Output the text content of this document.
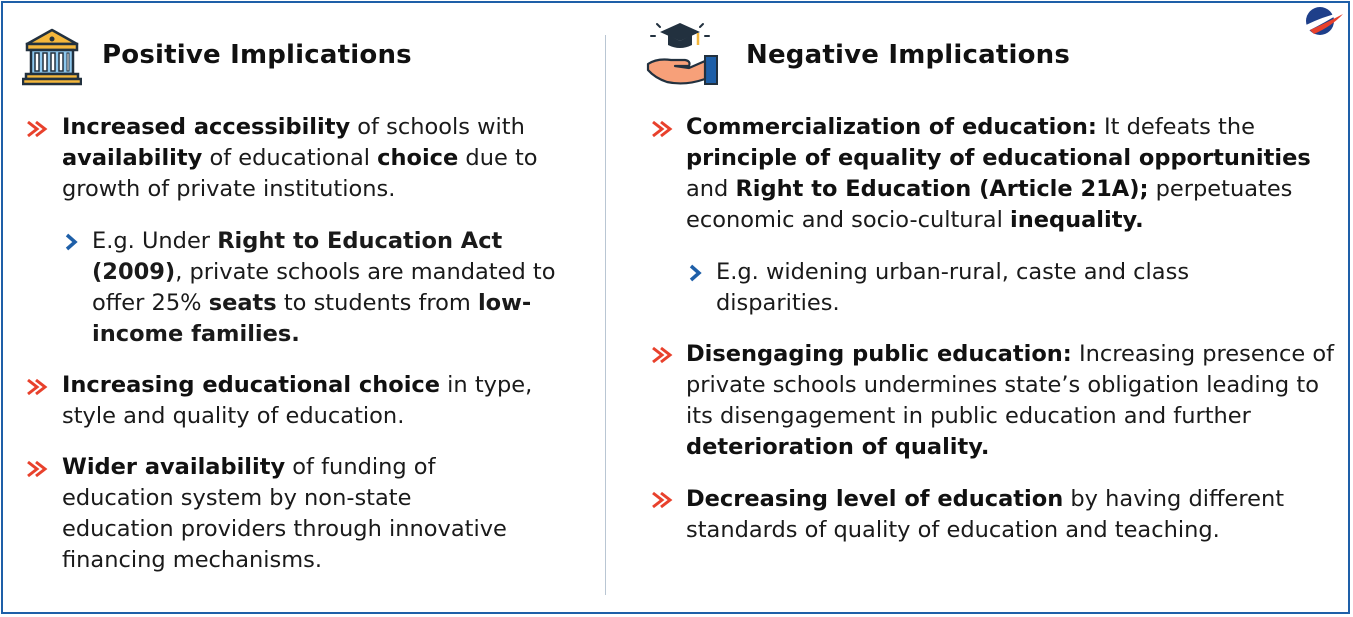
Positive Implications
Increased accessibility of schools with availability of educational choice due to growth of private institutions.
E.g. Under Right to Education Act (2009), private schools are mandated to offer 25% seats to students from low-income families.
Increasing educational choice in type, style and quality of education.
Wider availability of funding of education system by non-state education providers through innovative financing mechanisms.
Negative Implications
Commercialization of education: It defeats the principle of equality of educational opportunities and Right to Education (Article 21A); perpetuates economic and socio-cultural inequality.
E.g. widening urban-rural, caste and class disparities.
Disengaging public education: Increasing presence of private schools undermines state’s obligation leading to its disengagement in public education and further deterioration of quality.
Decreasing level of education by having different standards of quality of education and teaching.
